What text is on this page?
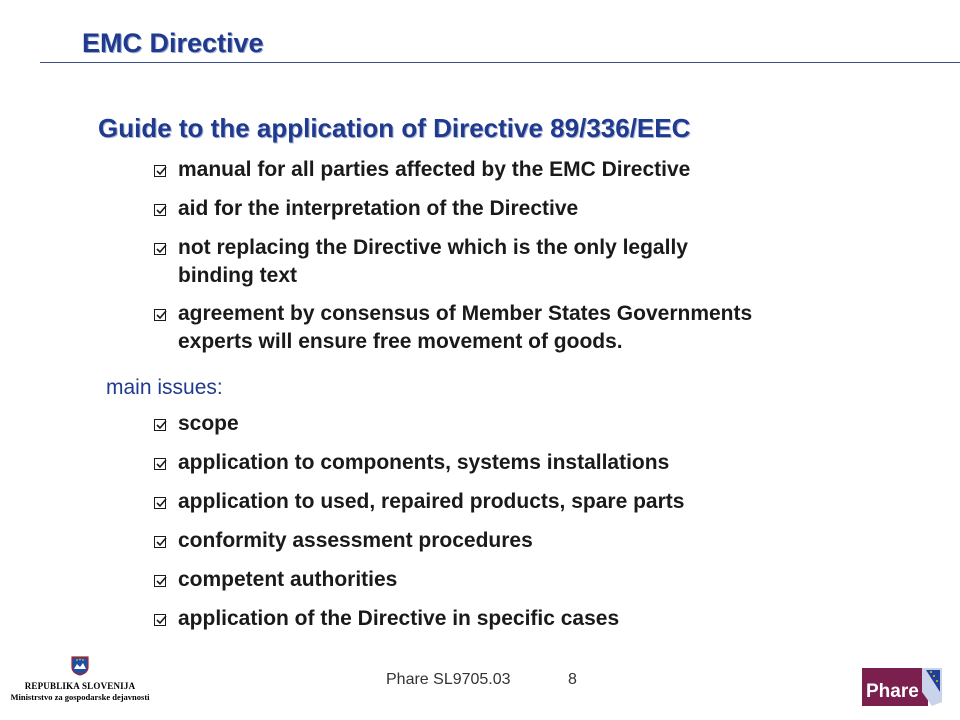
EMC Directive
Guide to the application of Directive 89/336/EEC
manual for all parties affected by the EMC Directive
aid for the interpretation of the Directive
not replacing the Directive which is the only legally
binding text
agreement by consensus of Member States Governments
experts will ensure free movement of goods.
main issues:
scope
application to components, systems installations
application to used, repaired products, spare parts
conformity assessment procedures
competent authorities
application of the Directive in specific cases
REPUBLIKA SLOVENIJA
Ministrstvo za gospodarske dejavnosti
Phare SL9705.03	8
Phare
